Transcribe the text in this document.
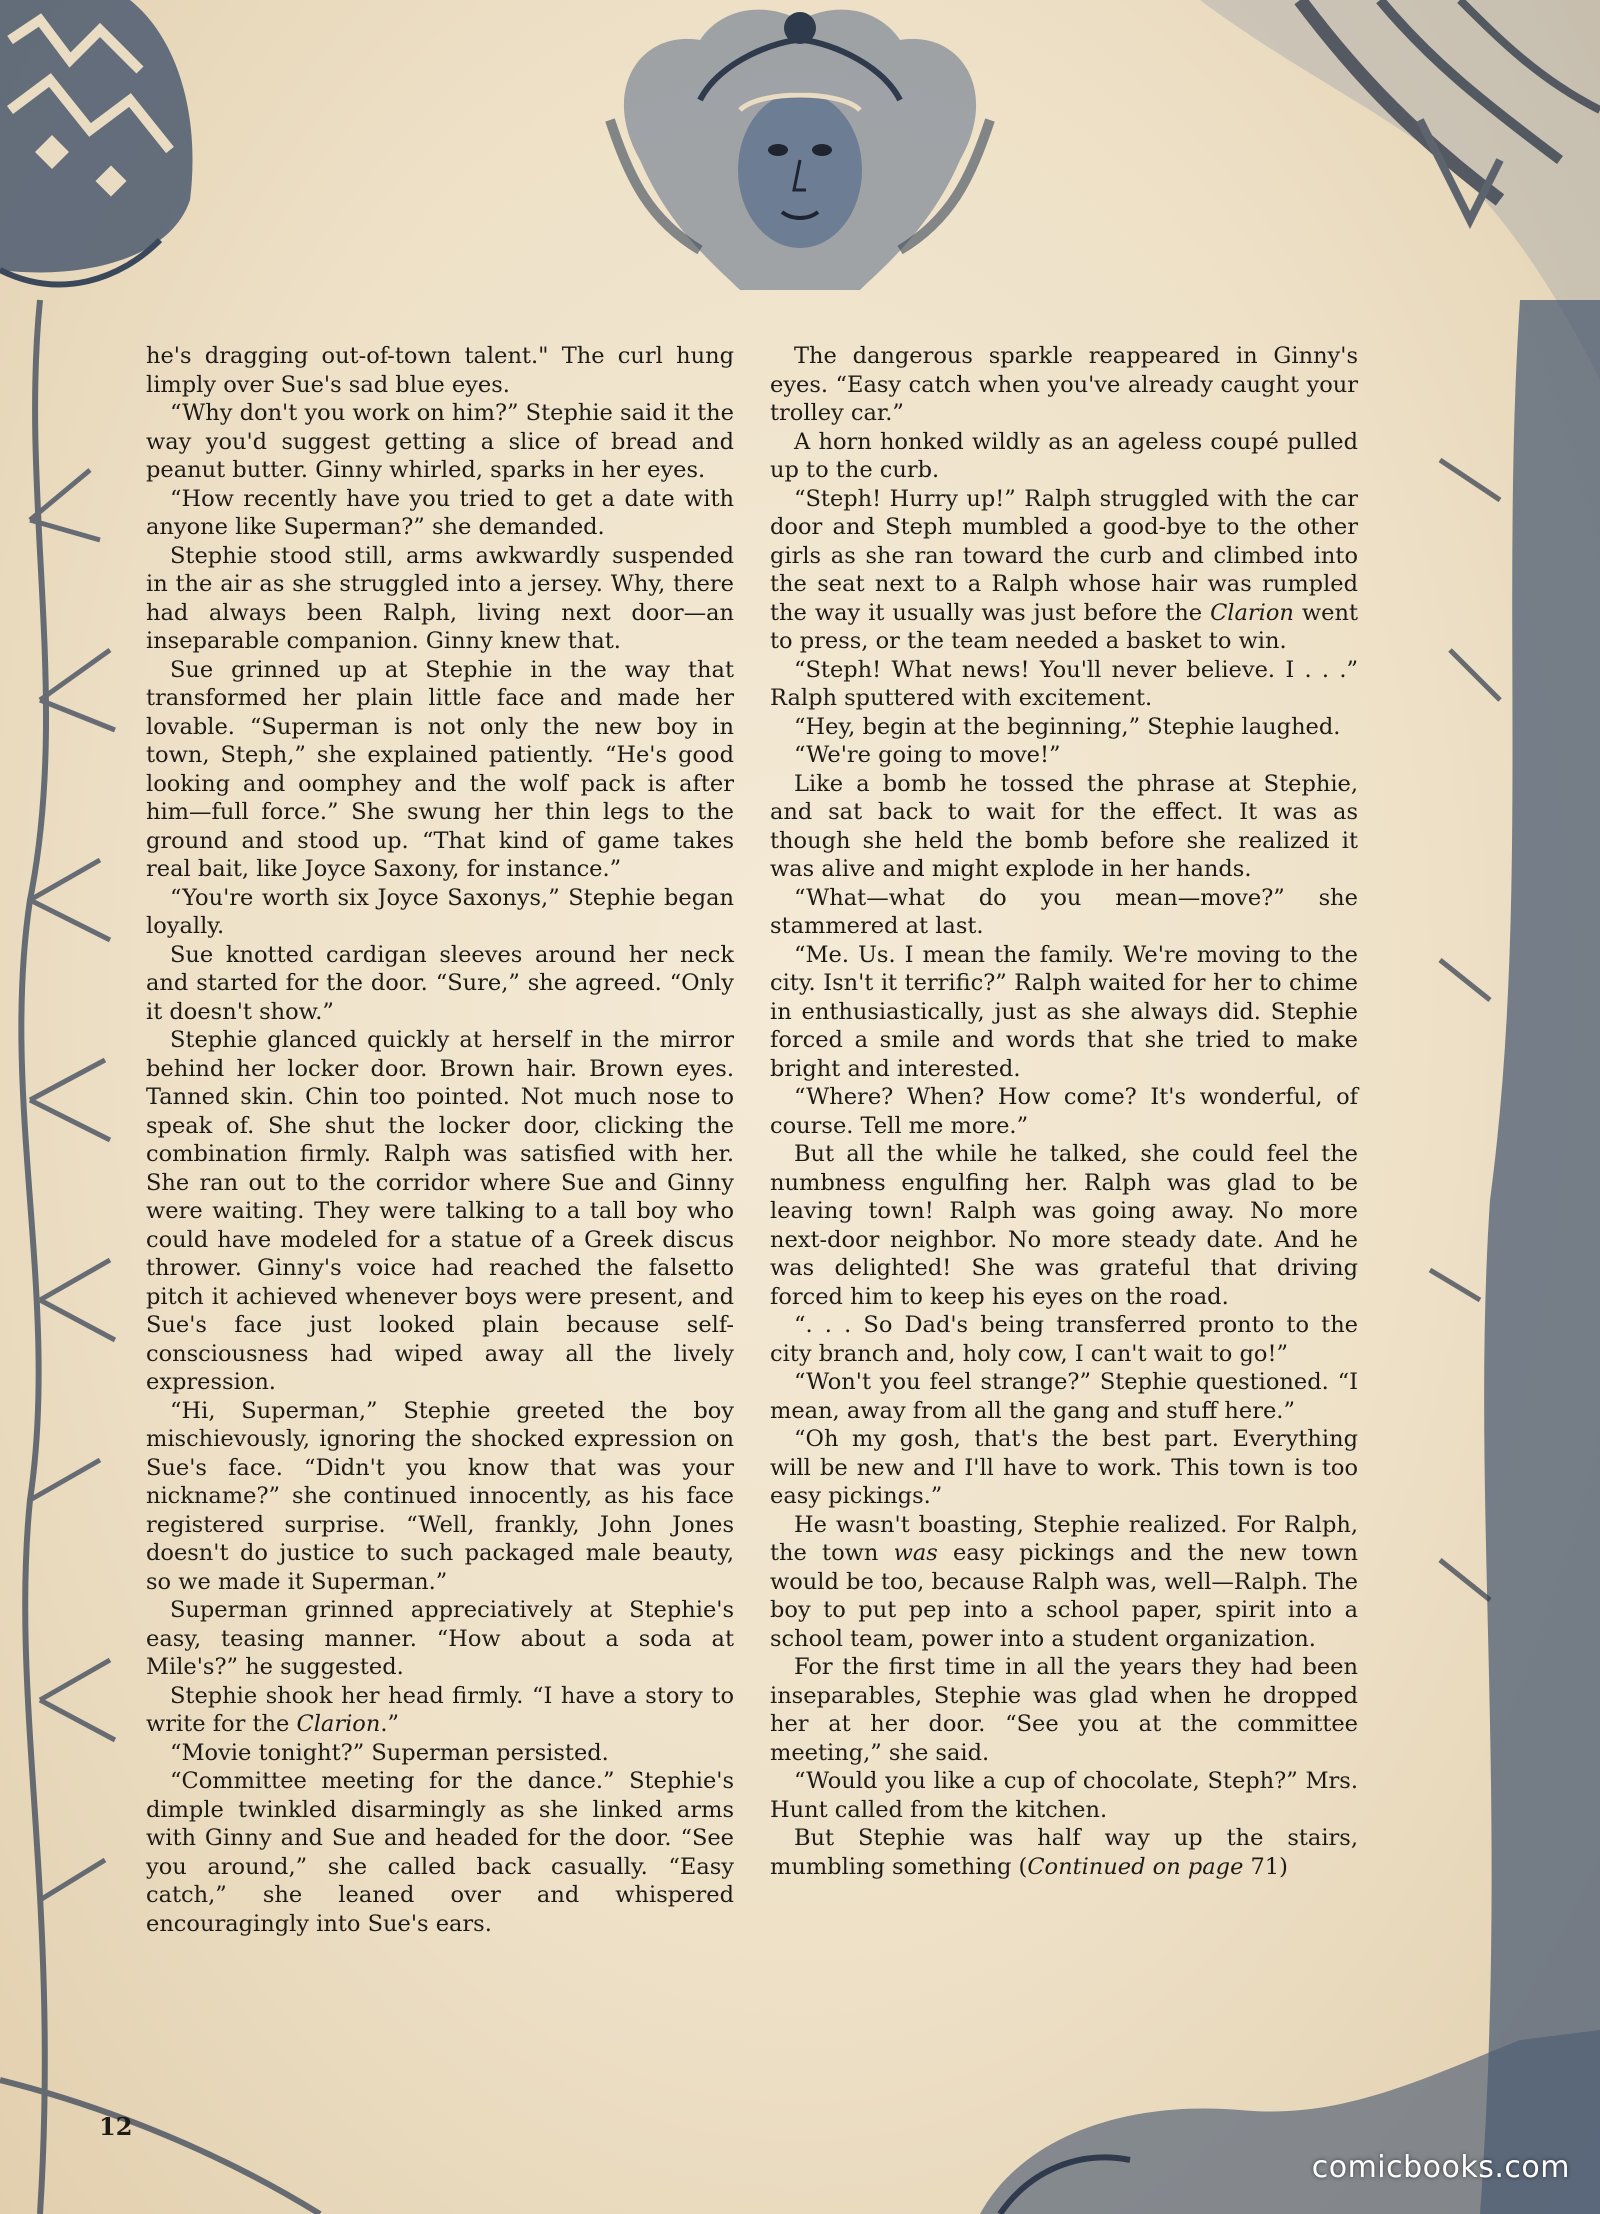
he's dragging out-of-town talent." The curl hung limply over Sue's sad blue eyes.

“Why don't you work on him?” Stephie said it the way you'd suggest getting a slice of bread and peanut butter. Ginny whirled, sparks in her eyes.

“How recently have you tried to get a date with anyone like Superman?” she demanded.

Stephie stood still, arms awkwardly suspended in the air as she struggled into a jersey. Why, there had always been Ralph, living next door—an inseparable companion. Ginny knew that.

Sue grinned up at Stephie in the way that transformed her plain little face and made her lovable. “Superman is not only the new boy in town, Steph,” she explained patiently. “He's good looking and oomphey and the wolf pack is after him—full force.” She swung her thin legs to the ground and stood up. “That kind of game takes real bait, like Joyce Saxony, for instance.”

“You're worth six Joyce Saxonys,” Stephie began loyally.

Sue knotted cardigan sleeves around her neck and started for the door. “Sure,” she agreed. “Only it doesn't show.”

Stephie glanced quickly at herself in the mirror behind her locker door. Brown hair. Brown eyes. Tanned skin. Chin too pointed. Not much nose to speak of. She shut the locker door, clicking the combination firmly. Ralph was satisfied with her. She ran out to the corridor where Sue and Ginny were waiting. They were talking to a tall boy who could have modeled for a statue of a Greek discus thrower. Ginny's voice had reached the falsetto pitch it achieved whenever boys were present, and Sue's face just looked plain because self-consciousness had wiped away all the lively expression.

“Hi, Superman,” Stephie greeted the boy mischievously, ignoring the shocked expression on Sue's face. “Didn't you know that was your nickname?” she continued innocently, as his face registered surprise. “Well, frankly, John Jones doesn't do justice to such packaged male beauty, so we made it Superman.”

Superman grinned appreciatively at Stephie's easy, teasing manner. “How about a soda at Mile's?” he suggested.

Stephie shook her head firmly. “I have a story to write for the Clarion.”

“Movie tonight?” Superman persisted.

“Committee meeting for the dance.” Stephie's dimple twinkled disarmingly as she linked arms with Ginny and Sue and headed for the door. “See you around,” she called back casually. “Easy catch,” she leaned over and whispered encouragingly into Sue's ears.

The dangerous sparkle reappeared in Ginny's eyes. “Easy catch when you've already caught your trolley car.”

A horn honked wildly as an ageless coupé pulled up to the curb.

“Steph! Hurry up!” Ralph struggled with the car door and Steph mumbled a good-bye to the other girls as she ran toward the curb and climbed into the seat next to a Ralph whose hair was rumpled the way it usually was just before the Clarion went to press, or the team needed a basket to win.

“Steph! What news! You'll never believe. I . . .” Ralph sputtered with excitement.

“Hey, begin at the beginning,” Stephie laughed.

“We're going to move!”

Like a bomb he tossed the phrase at Stephie, and sat back to wait for the effect. It was as though she held the bomb before she realized it was alive and might explode in her hands.

“What—what do you mean—move?” she stammered at last.

“Me. Us. I mean the family. We're moving to the city. Isn't it terrific?” Ralph waited for her to chime in enthusiastically, just as she always did. Stephie forced a smile and words that she tried to make bright and interested.

“Where? When? How come? It's wonderful, of course. Tell me more.”

But all the while he talked, she could feel the numbness engulfing her. Ralph was glad to be leaving town! Ralph was going away. No more next-door neighbor. No more steady date. And he was delighted! She was grateful that driving forced him to keep his eyes on the road.

“. . . So Dad's being transferred pronto to the city branch and, holy cow, I can't wait to go!”

“Won't you feel strange?” Stephie questioned. “I mean, away from all the gang and stuff here.”

“Oh my gosh, that's the best part. Everything will be new and I'll have to work. This town is too easy pickings.”

He wasn't boasting, Stephie realized. For Ralph, the town was easy pickings and the new town would be too, because Ralph was, well—Ralph. The boy to put pep into a school paper, spirit into a school team, power into a student organization.

For the first time in all the years they had been inseparables, Stephie was glad when he dropped her at her door. “See you at the committee meeting,” she said.

“Would you like a cup of chocolate, Steph?” Mrs. Hunt called from the kitchen.

But Stephie was half way up the stairs, mumbling something (Continued on page 71)

12
comicbooks.com
